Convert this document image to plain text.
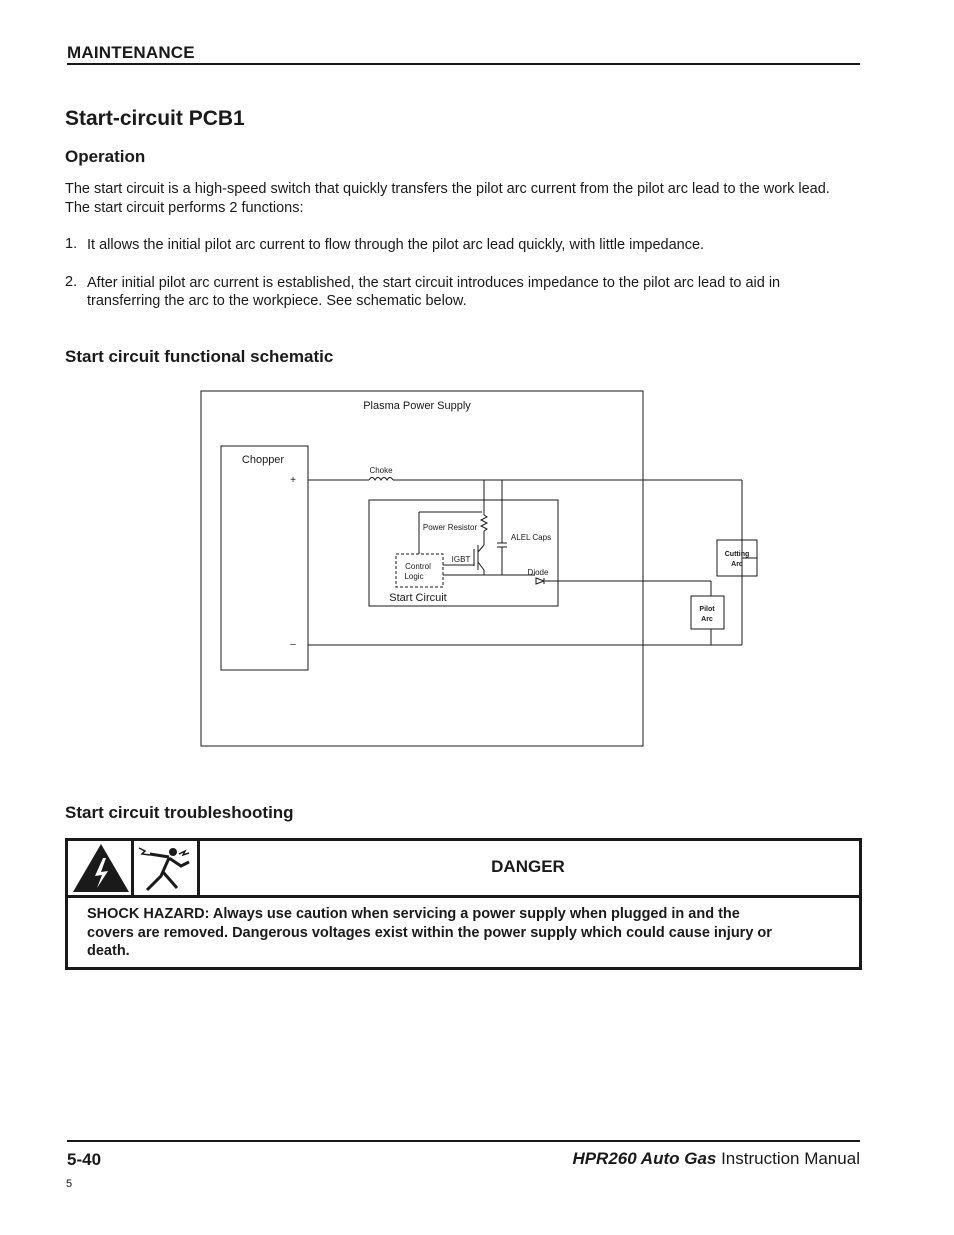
MAINTENANCE
Start-circuit PCB1
Operation
The start circuit is a high-speed switch that quickly transfers the pilot arc current from the pilot arc lead to the work lead.
The start circuit performs 2 functions:
1. It allows the initial pilot arc current to flow through the pilot arc lead quickly, with little impedance.
2. After initial pilot arc current is established, the start circuit introduces impedance to the pilot arc lead to aid in
transferring the arc to the workpiece. See schematic below.
Start circuit functional schematic
Plasma Power Supply
Chopper
+
–
Choke
Power Resistor
ALEL Caps
IGBT
Control
Logic	Diode
Start Circuit
Cutting
Arc
Pilot
Arc
Start circuit troubleshooting
DANGER
SHOCK HAZARD: Always use caution when servicing a power supply when plugged in and the
covers are removed. Dangerous voltages exist within the power supply which could cause injury or
death.
5-40	HPR260 Auto Gas Instruction Manual
5
